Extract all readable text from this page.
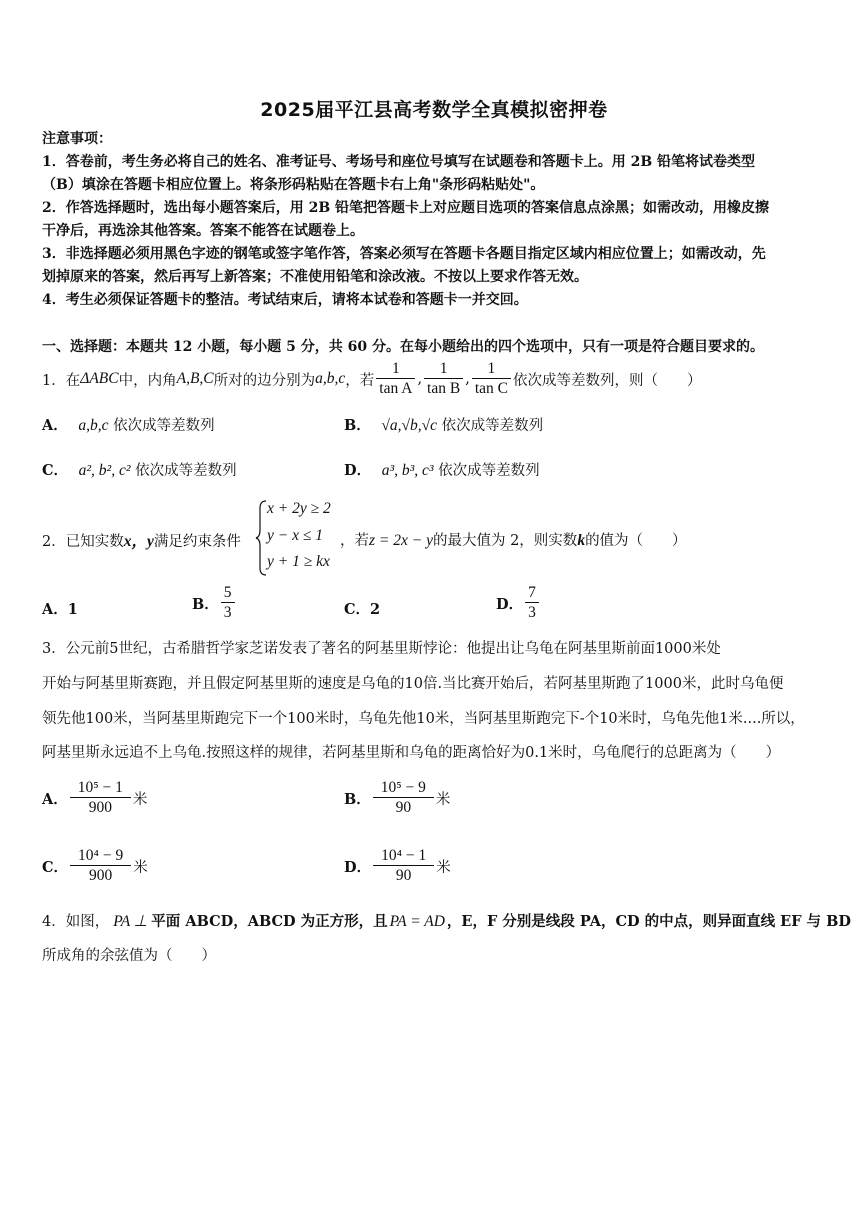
2025届平江县高考数学全真模拟密押卷
注意事项：
1．答卷前，考生务必将自己的姓名、准考证号、考场号和座位号填写在试题卷和答题卡上。用 2B 铅笔将试卷类型
（B）填涂在答题卡相应位置上。将条形码粘贴在答题卡右上角"条形码粘贴处"。
2．作答选择题时，选出每小题答案后，用 2B 铅笔把答题卡上对应题目选项的答案信息点涂黑；如需改动，用橡皮擦
干净后，再选涂其他答案。答案不能答在试题卷上。
3．非选择题必须用黑色字迹的钢笔或签字笔作答，答案必须写在答题卡各题目指定区域内相应位置上；如需改动，先
划掉原来的答案，然后再写上新答案；不准使用铅笔和涂改液。不按以上要求作答无效。
4．考生必须保证答题卡的整洁。考试结束后，请将本试卷和答题卡一并交回。
一、选择题：本题共 12 小题，每小题 5 分，共 60 分。在每小题给出的四个选项中，只有一项是符合题目要求的。
1．在 ΔABC 中，内角 A,B,C 所对的边分别为 a,b,c ，若 $\frac{1}{\text{tan A}}$ , $\frac{1}{\text{tan B}}$ , $\frac{1}{\text{tan C}}$ 依次成等差数列，则（　　）
A． a,b,c 依次成等差数列	B． √a,√b,√c 依次成等差数列
C． a², b², c² 依次成等差数列	D． a³, b³, c³ 依次成等差数列
2．已知实数x，y满足约束条件
x + 2y ≥ 2
y − x ≤ 1
y + 1 ≥ kx
，若z = 2x − y的最大值为 2，则实数k的值为（　　）
A．1	B． $\frac{5}{3}$	C．2	D． $\frac{7}{3}$
3．公元前5世纪，古希腊哲学家芝诺发表了著名的阿基里斯悖论：他提出让乌龟在阿基里斯前面1000米处
开始与阿基里斯赛跑，并且假定阿基里斯的速度是乌龟的10倍.当比赛开始后，若阿基里斯跑了1000米，此时乌龟便
领先他100米，当阿基里斯跑完下一个100米时，乌龟先他10米，当阿基里斯跑完下-个10米时，乌龟先他1米....所以，
阿基里斯永远追不上乌龟.按照这样的规律，若阿基里斯和乌龟的距离恰好为0.1米时，乌龟爬行的总距离为（　　）
A． $\frac{\text{10⁵ − 1}}{900}$ 米	B． $\frac{\text{10⁵ − 9}}{90}$ 米
C． $\frac{\text{10⁴ − 9}}{900}$ 米	D． $\frac{\text{10⁴ − 1}}{90}$ 米
4．如图， PA ⊥ 平面 ABCD，ABCD 为正方形，且 PA = AD ，E，F 分别是线段 PA，CD 的中点，则异面直线 EF 与 BD
所成角的余弦值为（　　）
